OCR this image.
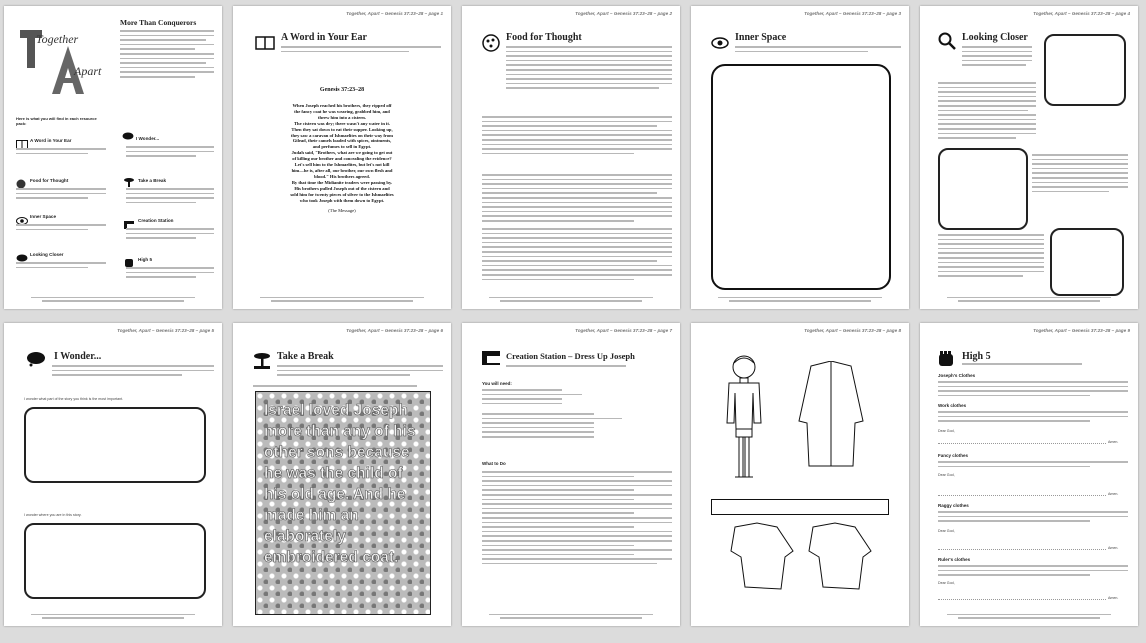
Together
Apart
More Than Conquerors
Here is what you will find in each resource pack:
A Word in Your Ear
Food for Thought
Inner Space
Looking Closer
I Wonder...
Take a Break
Creation Station
High 5
Together, Apart – Genesis 37:23–28 – page 1
A Word in Your Ear
Genesis 37:23–28
When Joseph reached his brothers, they ripped off
the fancy coat he was wearing, grabbed him, and
threw him into a cistern.
The cistern was dry; there wasn't any water in it.
Then they sat down to eat their supper. Looking up,
they saw a caravan of Ishmaelites on their way from
Gilead, their camels loaded with spices, ointments,
and perfumes to sell in Egypt.
Judah said, "Brothers, what are we going to get out
of killing our brother and concealing the evidence?
Let's sell him to the Ishmaelites, but let's not kill
him—he is, after all, our brother, our own flesh and
blood." His brothers agreed.
By that time the Midianite traders were passing by.
His brothers pulled Joseph out of the cistern and
sold him for twenty pieces of silver to the Ishmaelites
who took Joseph with them down to Egypt.
(The Message)
Together, Apart – Genesis 37:23–28 – page 2
Food for Thought
Together, Apart – Genesis 37:23–28 – page 3
Inner Space
Together, Apart – Genesis 37:23–28 – page 4
Looking Closer
Together, Apart – Genesis 37:23–28 – page 5
I Wonder...
I wonder what part of the story you think is the most important.
I wonder where you are in this story.
Together, Apart – Genesis 37:23–28 – page 6
Take a Break
Israel loved Joseph more than any of his other sons because he was the child of his old age. And he made him an elaborately embroidered coat.
Together, Apart – Genesis 37:23–28 – page 7
Creation Station – Dress Up Joseph
You will need:
What to Do
Together, Apart – Genesis 37:23–28 – page 8	Together, Apart – Genesis 37:23–28 – page 9
High 5
Joseph's Clothes
Work clothes
Dear God,
Amen.
Fancy clothes
Dear God,
Amen.
Raggy clothes
Dear God,
Amen.
Ruler's clothes
Dear God,
Amen.
